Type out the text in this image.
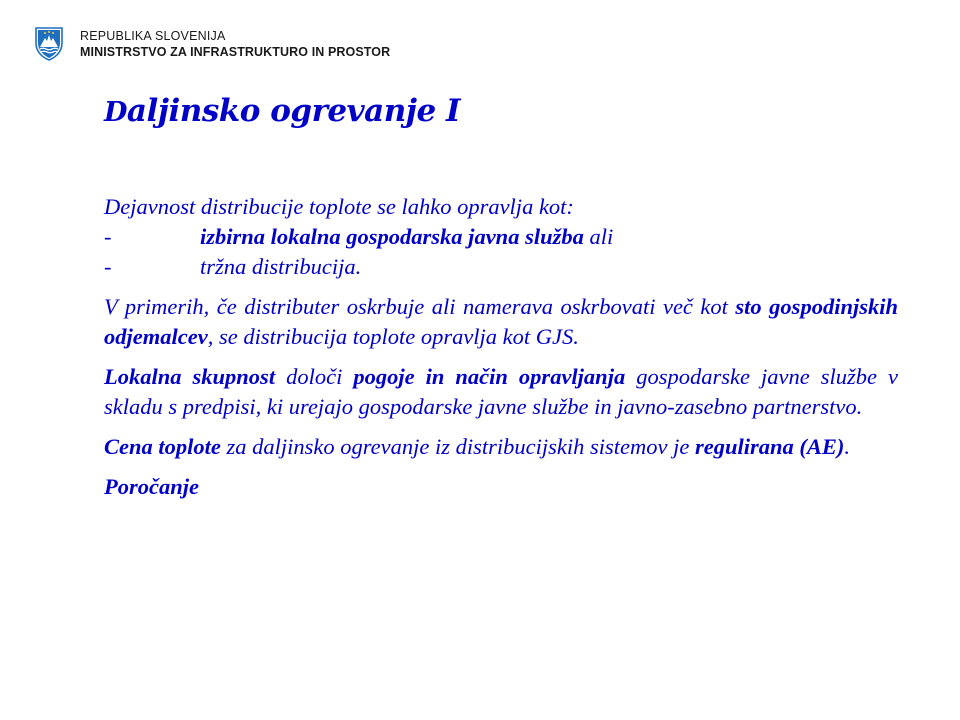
REPUBLIKA SLOVENIJA
MINISTRSTVO ZA INFRASTRUKTURO IN PROSTOR
Daljinsko ogrevanje I

Dejavnost distribucije toplote se lahko opravlja kot:

-	izbirna lokalna gospodarska javna služba ali
-	tržna distribucija.

V primerih, če distributer oskrbuje ali namerava oskrbovati več kot sto gospodinjskih odjemalcev, se distribucija toplote opravlja kot GJS.

Lokalna skupnost določi pogoje in način opravljanja gospodarske javne službe v skladu s predpisi, ki urejajo gospodarske javne službe in javno-zasebno partnerstvo.

Cena toplote za daljinsko ogrevanje iz distribucijskih sistemov je regulirana (AE).

Poročanje
